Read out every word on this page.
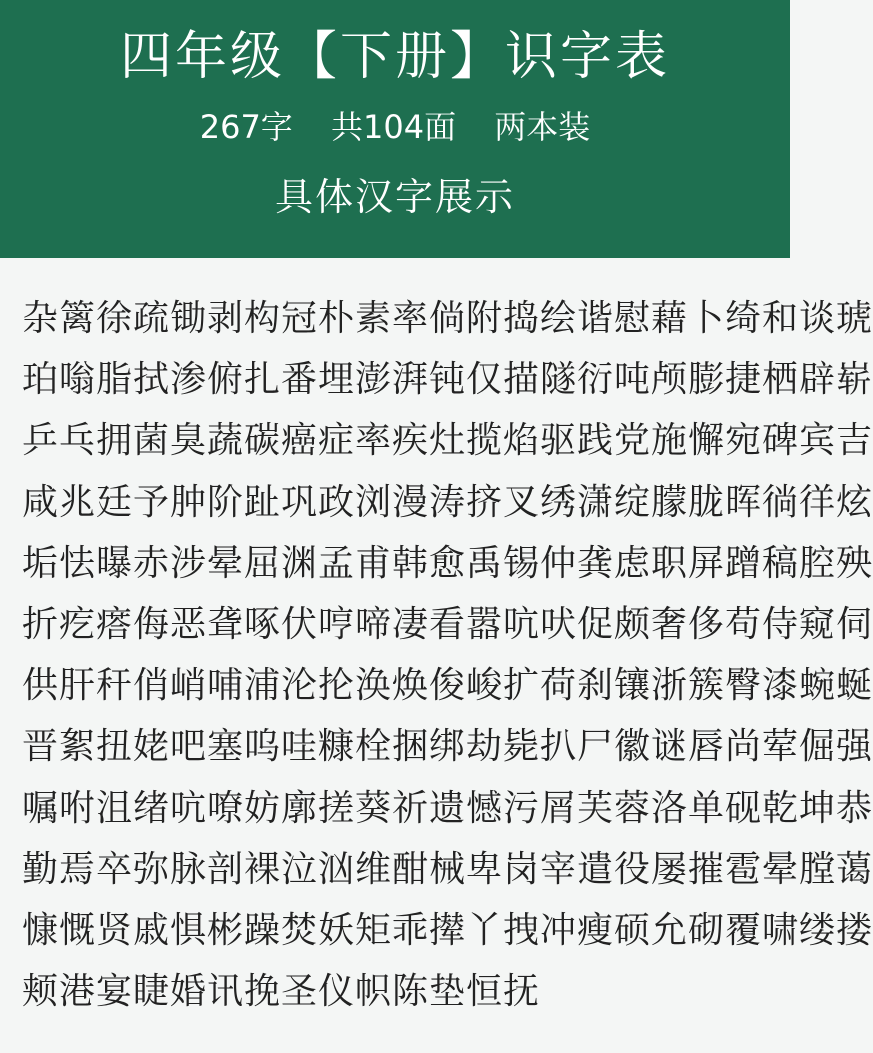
四年级【下册】识字表
267字 共104面 两本装
具体汉字展示
杂篱徐疏锄剥构冠朴素率倘附捣绘谐慰藉卜绮和谈琥
珀嗡脂拭渗俯扎番埋澎湃钝仅描隧衍吨颅膨捷栖辟崭
乒乓拥菌臭蔬碳癌症率疾灶揽焰驱践党施懈宛碑宾吉
咸兆廷予肿阶趾巩政浏漫涛挤叉绣潇绽朦胧晖徜徉炫
垢怯曝赤涉晕屈渊孟甫韩愈禹锡仲龚虑职屏蹭稿腔殃
折疙瘩侮恶聋啄伏哼啼凄看嚣吭吠促颇奢侈苟侍窥伺
供肝秆俏峭哺浦沦抡涣焕俊峻扩荷刹镶浙簇臀漆蜿蜒
晋絮扭姥吧塞呜哇糠栓捆绑劫毙扒尸徽谜唇尚荤倔强
嘱咐沮绪吭嘹妨廓搓葵祈遗憾污屑芙蓉洛单砚乾坤恭
勤焉卒弥脉剖裸泣汹维酣械卑岗宰遣役屡摧雹晕膛蔼
慷慨贤戚惧彬躁焚妖矩乖撵丫拽冲瘦硕允砌覆啸缕搂
颊港宴睫婚讯挽圣仪帜陈垫恒抚
